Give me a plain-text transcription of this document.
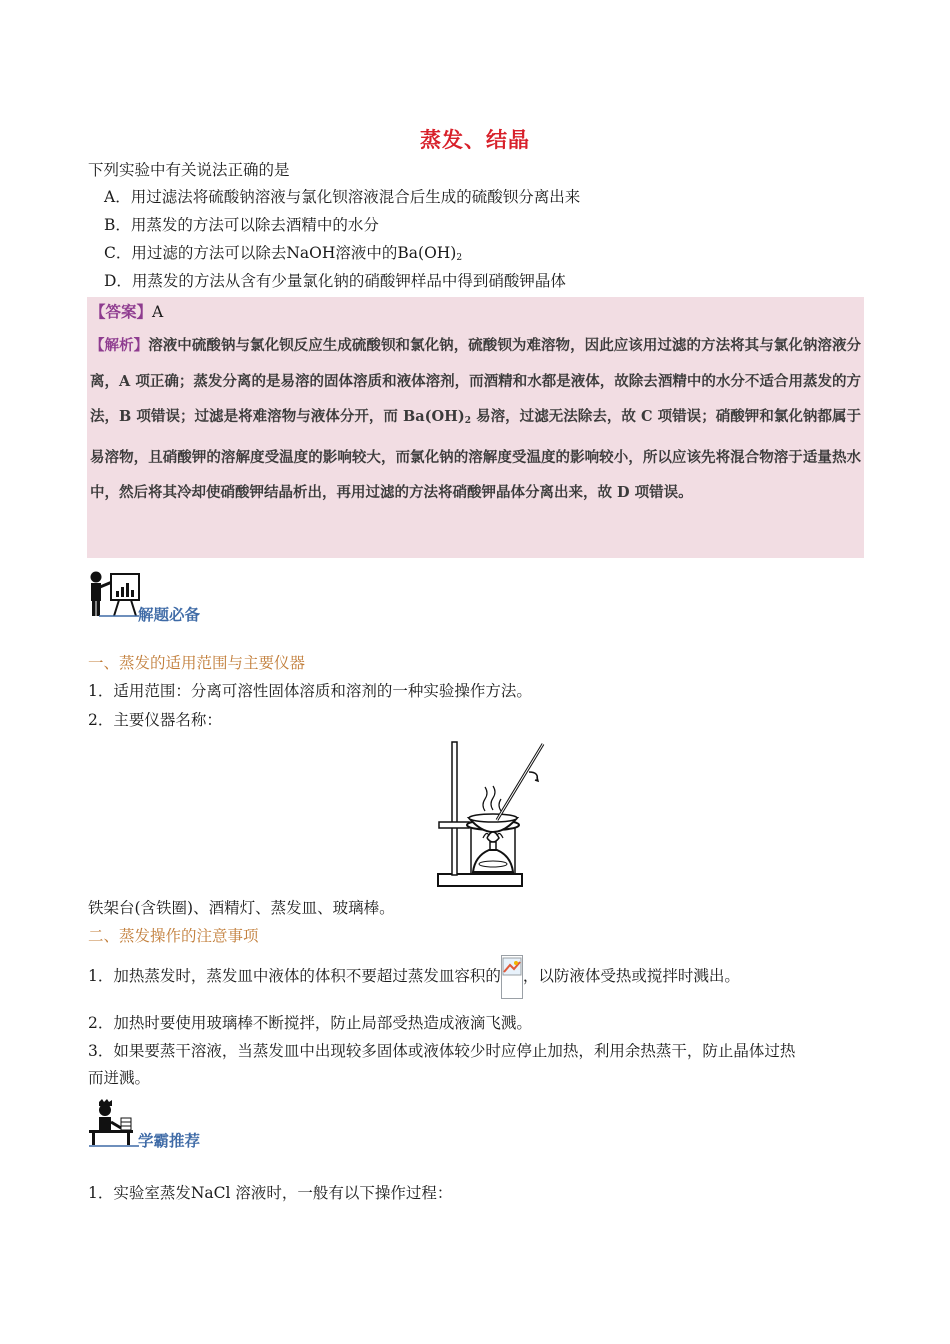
蒸发、结晶
下列实验中有关说法正确的是
A．用过滤法将硫酸钠溶液与氯化钡溶液混合后生成的硫酸钡分离出来
B．用蒸发的方法可以除去酒精中的水分
C．用过滤的方法可以除去NaOH溶液中的$Ba(OH)_2$
D．用蒸发的方法从含有少量氯化钠的硝酸钾样品中得到硝酸钾晶体
【答案】A
【解析】溶液中硫酸钠与氯化钡反应生成硫酸钡和氯化钠，硫酸钡为难溶物，因此应该用过滤的方法将其与氯化钠溶液分离，A 项正确；蒸发分离的是易溶的固体溶质和液体溶剂，而酒精和水都是液体，故除去酒精中的水分不适合用蒸发的方法，B 项错误；过滤是将难溶物与液体分开，而 $Ba(OH)_2$ 易溶，过滤无法除去，故 C 项错误；硝酸钾和氯化钠都属于易溶物，且硝酸钾的溶解度受温度的影响较大，而氯化钠的溶解度受温度的影响较小，所以应该先将混合物溶于适量热水中，然后将其冷却使硝酸钾结晶析出，再用过滤的方法将硝酸钾晶体分离出来，故 D 项错误。
解题必备
一、蒸发的适用范围与主要仪器
1．适用范围：分离可溶性固体溶质和溶剂的一种实验操作方法。
2．主要仪器名称：
铁架台(含铁圈)、酒精灯、蒸发皿、玻璃棒。
二、蒸发操作的注意事项
1．加热蒸发时，蒸发皿中液体的体积不要超过蒸发皿容积的 ，以防液体受热或搅拌时溅出。
2．加热时要使用玻璃棒不断搅拌，防止局部受热造成液滴飞溅。
3．如果要蒸干溶液，当蒸发皿中出现较多固体或液体较少时应停止加热，利用余热蒸干，防止晶体过热
而迸溅。
学霸推荐
1．实验室蒸发NaCl 溶液时，一般有以下操作过程：
